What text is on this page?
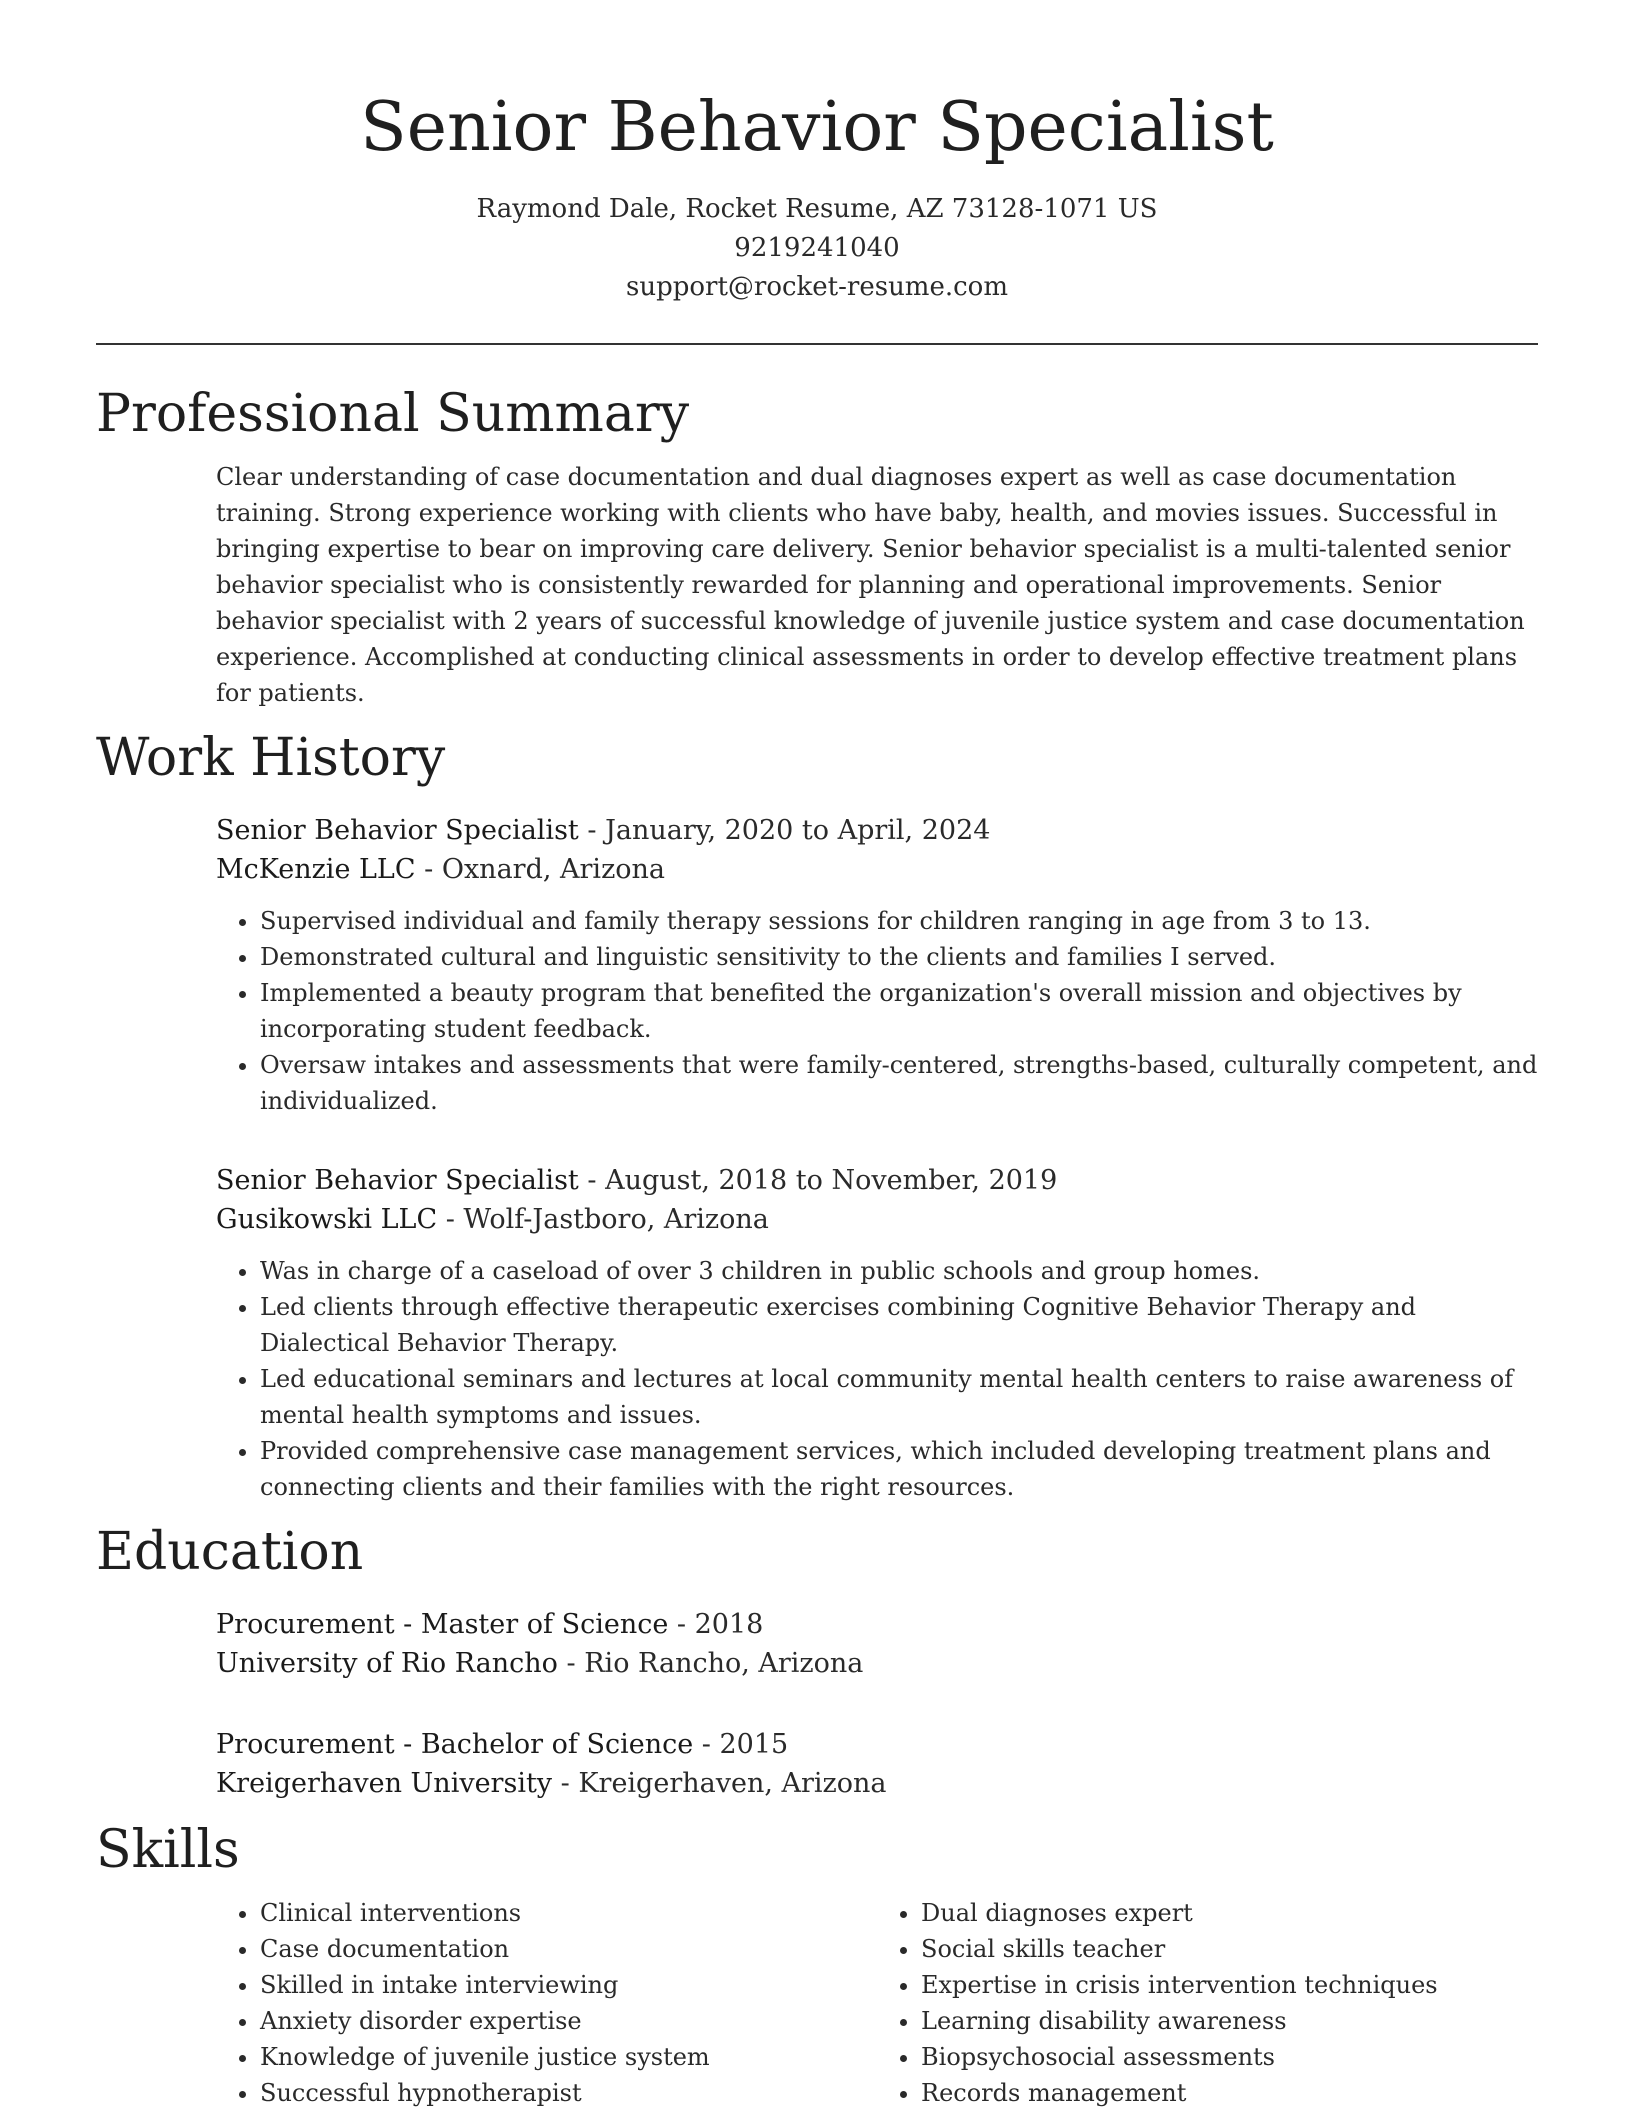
Senior Behavior Specialist
Raymond Dale, Rocket Resume, AZ 73128-1071 US
9219241040
support@rocket-resume.com
Professional Summary
Clear understanding of case documentation and dual diagnoses expert as well as case documentation training. Strong experience working with clients who have baby, health, and movies issues. Successful in bringing expertise to bear on improving care delivery. Senior behavior specialist is a multi-talented senior behavior specialist who is consistently rewarded for planning and operational improvements. Senior behavior specialist with 2 years of successful knowledge of juvenile justice system and case documentation experience. Accomplished at conducting clinical assessments in order to develop effective treatment plans for patients.
Work History
Senior Behavior Specialist - January, 2020 to April, 2024
McKenzie LLC - Oxnard, Arizona
• Supervised individual and family therapy sessions for children ranging in age from 3 to 13.
• Demonstrated cultural and linguistic sensitivity to the clients and families I served.
• Implemented a beauty program that benefited the organization's overall mission and objectives by incorporating student feedback.
• Oversaw intakes and assessments that were family-centered, strengths-based, culturally competent, and individualized.
Senior Behavior Specialist - August, 2018 to November, 2019
Gusikowski LLC - Wolf-Jastboro, Arizona
• Was in charge of a caseload of over 3 children in public schools and group homes.
• Led clients through effective therapeutic exercises combining Cognitive Behavior Therapy and Dialectical Behavior Therapy.
• Led educational seminars and lectures at local community mental health centers to raise awareness of mental health symptoms and issues.
• Provided comprehensive case management services, which included developing treatment plans and connecting clients and their families with the right resources.
Education
Procurement - Master of Science - 2018
University of Rio Rancho - Rio Rancho, Arizona
Procurement - Bachelor of Science - 2015
Kreigerhaven University - Kreigerhaven, Arizona
Skills
• Clinical interventions
• Case documentation
• Skilled in intake interviewing
• Anxiety disorder expertise
• Knowledge of juvenile justice system
• Successful hypnotherapist
• Dual diagnoses expert
• Social skills teacher
• Expertise in crisis intervention techniques
• Learning disability awareness
• Biopsychosocial assessments
• Records management
